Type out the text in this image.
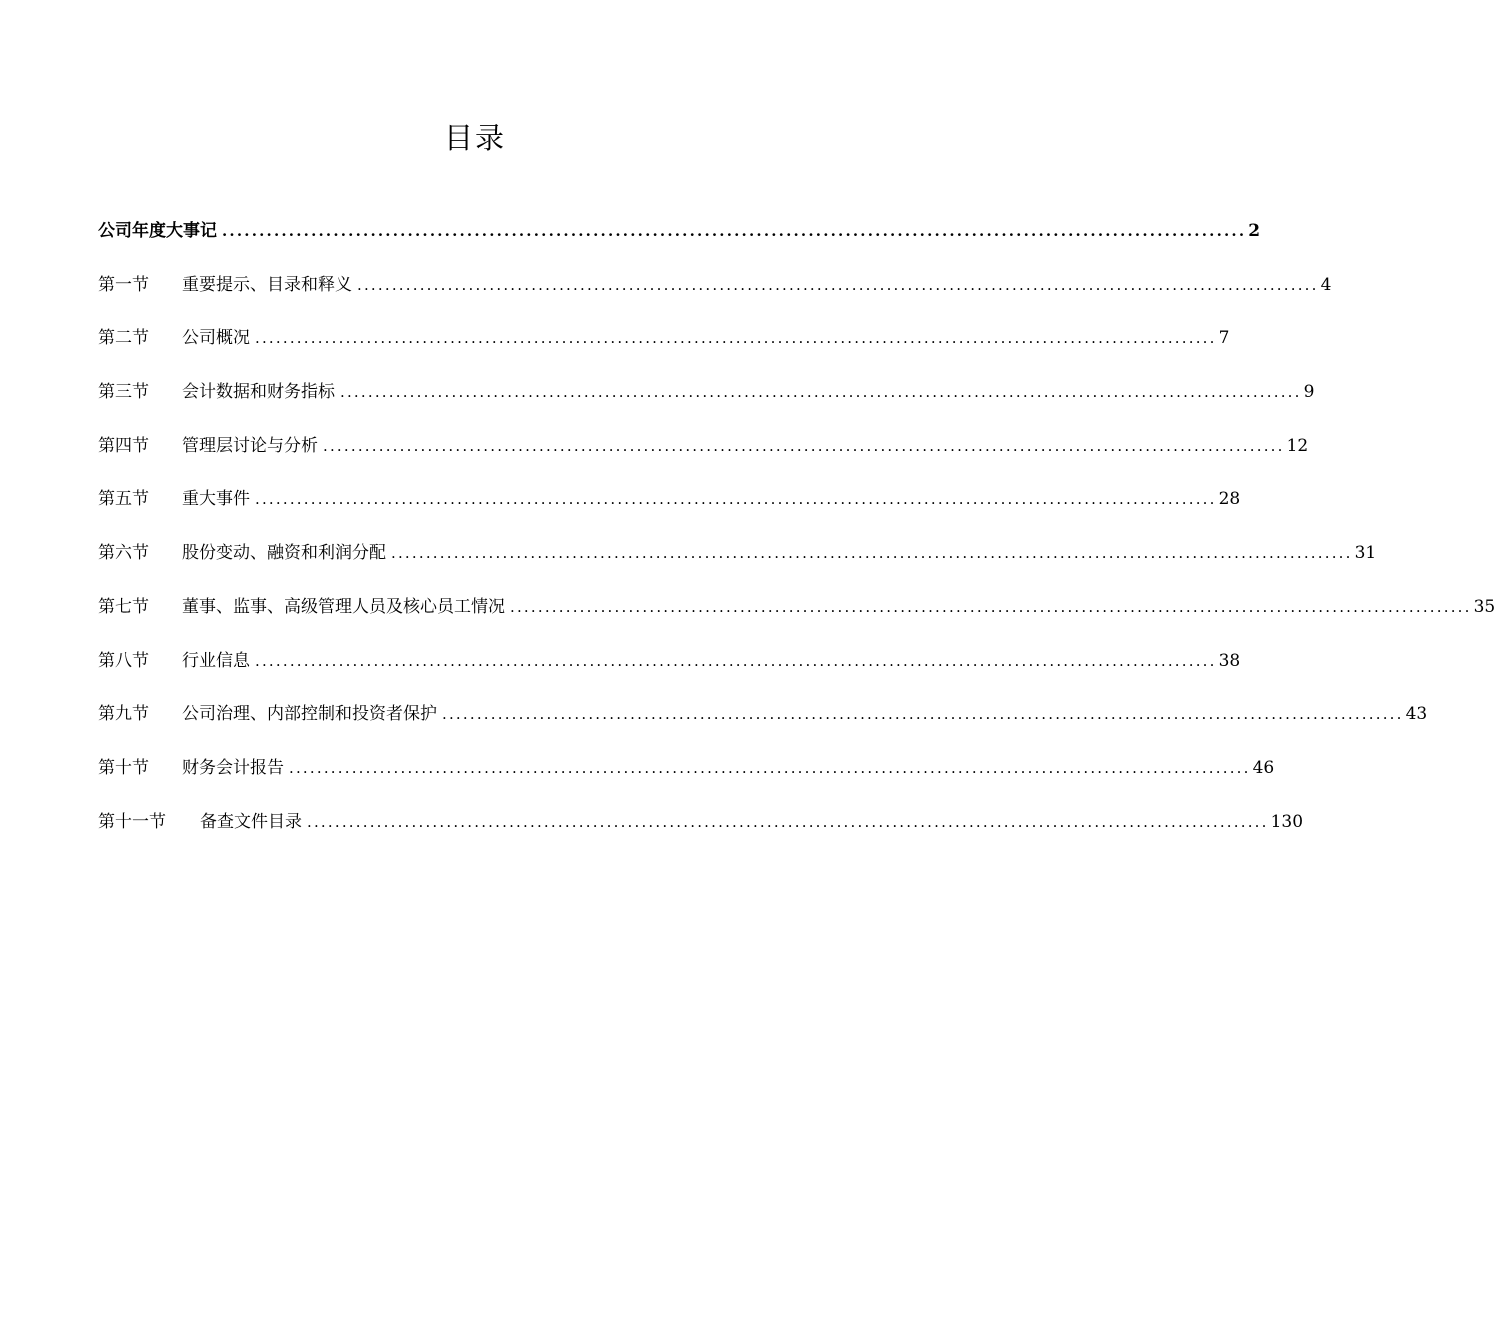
目录
公司年度大事记 .......................................................................................................................................... 2
第一节	重要提示、目录和释义 .......................................................................................................................................... 4
第二节	公司概况 .......................................................................................................................................... 7
第三节	会计数据和财务指标 .......................................................................................................................................... 9
第四节	管理层讨论与分析 .......................................................................................................................................... 12
第五节	重大事件 .......................................................................................................................................... 28
第六节	股份变动、融资和利润分配 .......................................................................................................................................... 31
第七节	董事、监事、高级管理人员及核心员工情况 .......................................................................................................................................... 35
第八节	行业信息 .......................................................................................................................................... 38
第九节	公司治理、内部控制和投资者保护 .......................................................................................................................................... 43
第十节	财务会计报告 .......................................................................................................................................... 46
第十一节	备查文件目录 .......................................................................................................................................... 130
